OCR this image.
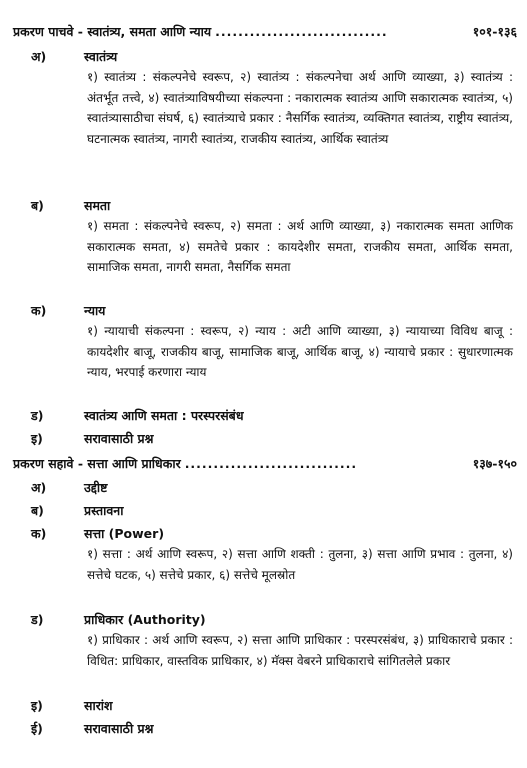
प्रकरण पाचवे - स्वातंत्र्य, समता आणि न्याय ..............................	१०१-१३६
अ)	स्वातंत्र्य
१) स्वातंत्र्य : संकल्पनेचे स्वरूप, २) स्वातंत्र्य : संकल्पनेचा अर्थ आणि व्याख्या, ३) स्वातंत्र्य : अंतर्भूत तत्त्वे, ४) स्वातंत्र्याविषयीच्या संकल्पना : नकारात्मक स्वातंत्र्य आणि सकारात्मक स्वातंत्र्य, ५) स्वातंत्र्यासाठीचा संघर्ष, ६) स्वातंत्र्याचे प्रकार : नैसर्गिक स्वातंत्र्य, व्यक्तिगत स्वातंत्र्य, राष्ट्रीय स्वातंत्र्य, घटनात्मक स्वातंत्र्य, नागरी स्वातंत्र्य, राजकीय स्वातंत्र्य, आर्थिक स्वातंत्र्य
ब)	समता
१) समता : संकल्पनेचे स्वरूप, २) समता : अर्थ आणि व्याख्या, ३) नकारात्मक समता आणिक सकारात्मक समता, ४) समतेचे प्रकार : कायदेशीर समता, राजकीय समता, आर्थिक समता, सामाजिक समता, नागरी समता, नैसर्गिक समता
क)	न्याय
१) न्यायाची संकल्पना : स्वरूप, २) न्याय : अटी आणि व्याख्या, ३) न्यायाच्या विविध बाजू : कायदेशीर बाजू, राजकीय बाजू, सामाजिक बाजू, आर्थिक बाजू, ४) न्यायाचे प्रकार : सुधारणात्मक न्याय, भरपाई करणारा न्याय
ड)	स्वातंत्र्य आणि समता : परस्परसंबंध
इ)	सरावासाठी प्रश्न
प्रकरण सहावे - सत्ता आणि प्राधिकार ..............................	१३७-१५०
अ)	उद्दीष्ट
ब)	प्रस्तावना
क)	सत्ता (Power)
१) सत्ता : अर्थ आणि स्वरूप, २) सत्ता आणि शक्ती : तुलना, ३) सत्ता आणि प्रभाव : तुलना, ४) सत्तेचे घटक, ५) सत्तेचे प्रकार, ६) सत्तेचे मूलस्रोत
ड)	प्राधिकार (Authority)
१) प्राधिकार : अर्थ आणि स्वरूप, २) सत्ता आणि प्राधिकार : परस्परसंबंध, ३) प्राधिकाराचे प्रकार : विधित: प्राधिकार, वास्तविक प्राधिकार, ४) मॅक्स वेबरने प्राधिकाराचे सांगितलेले प्रकार
इ)	सारांश
ई)	सरावासाठी प्रश्न
